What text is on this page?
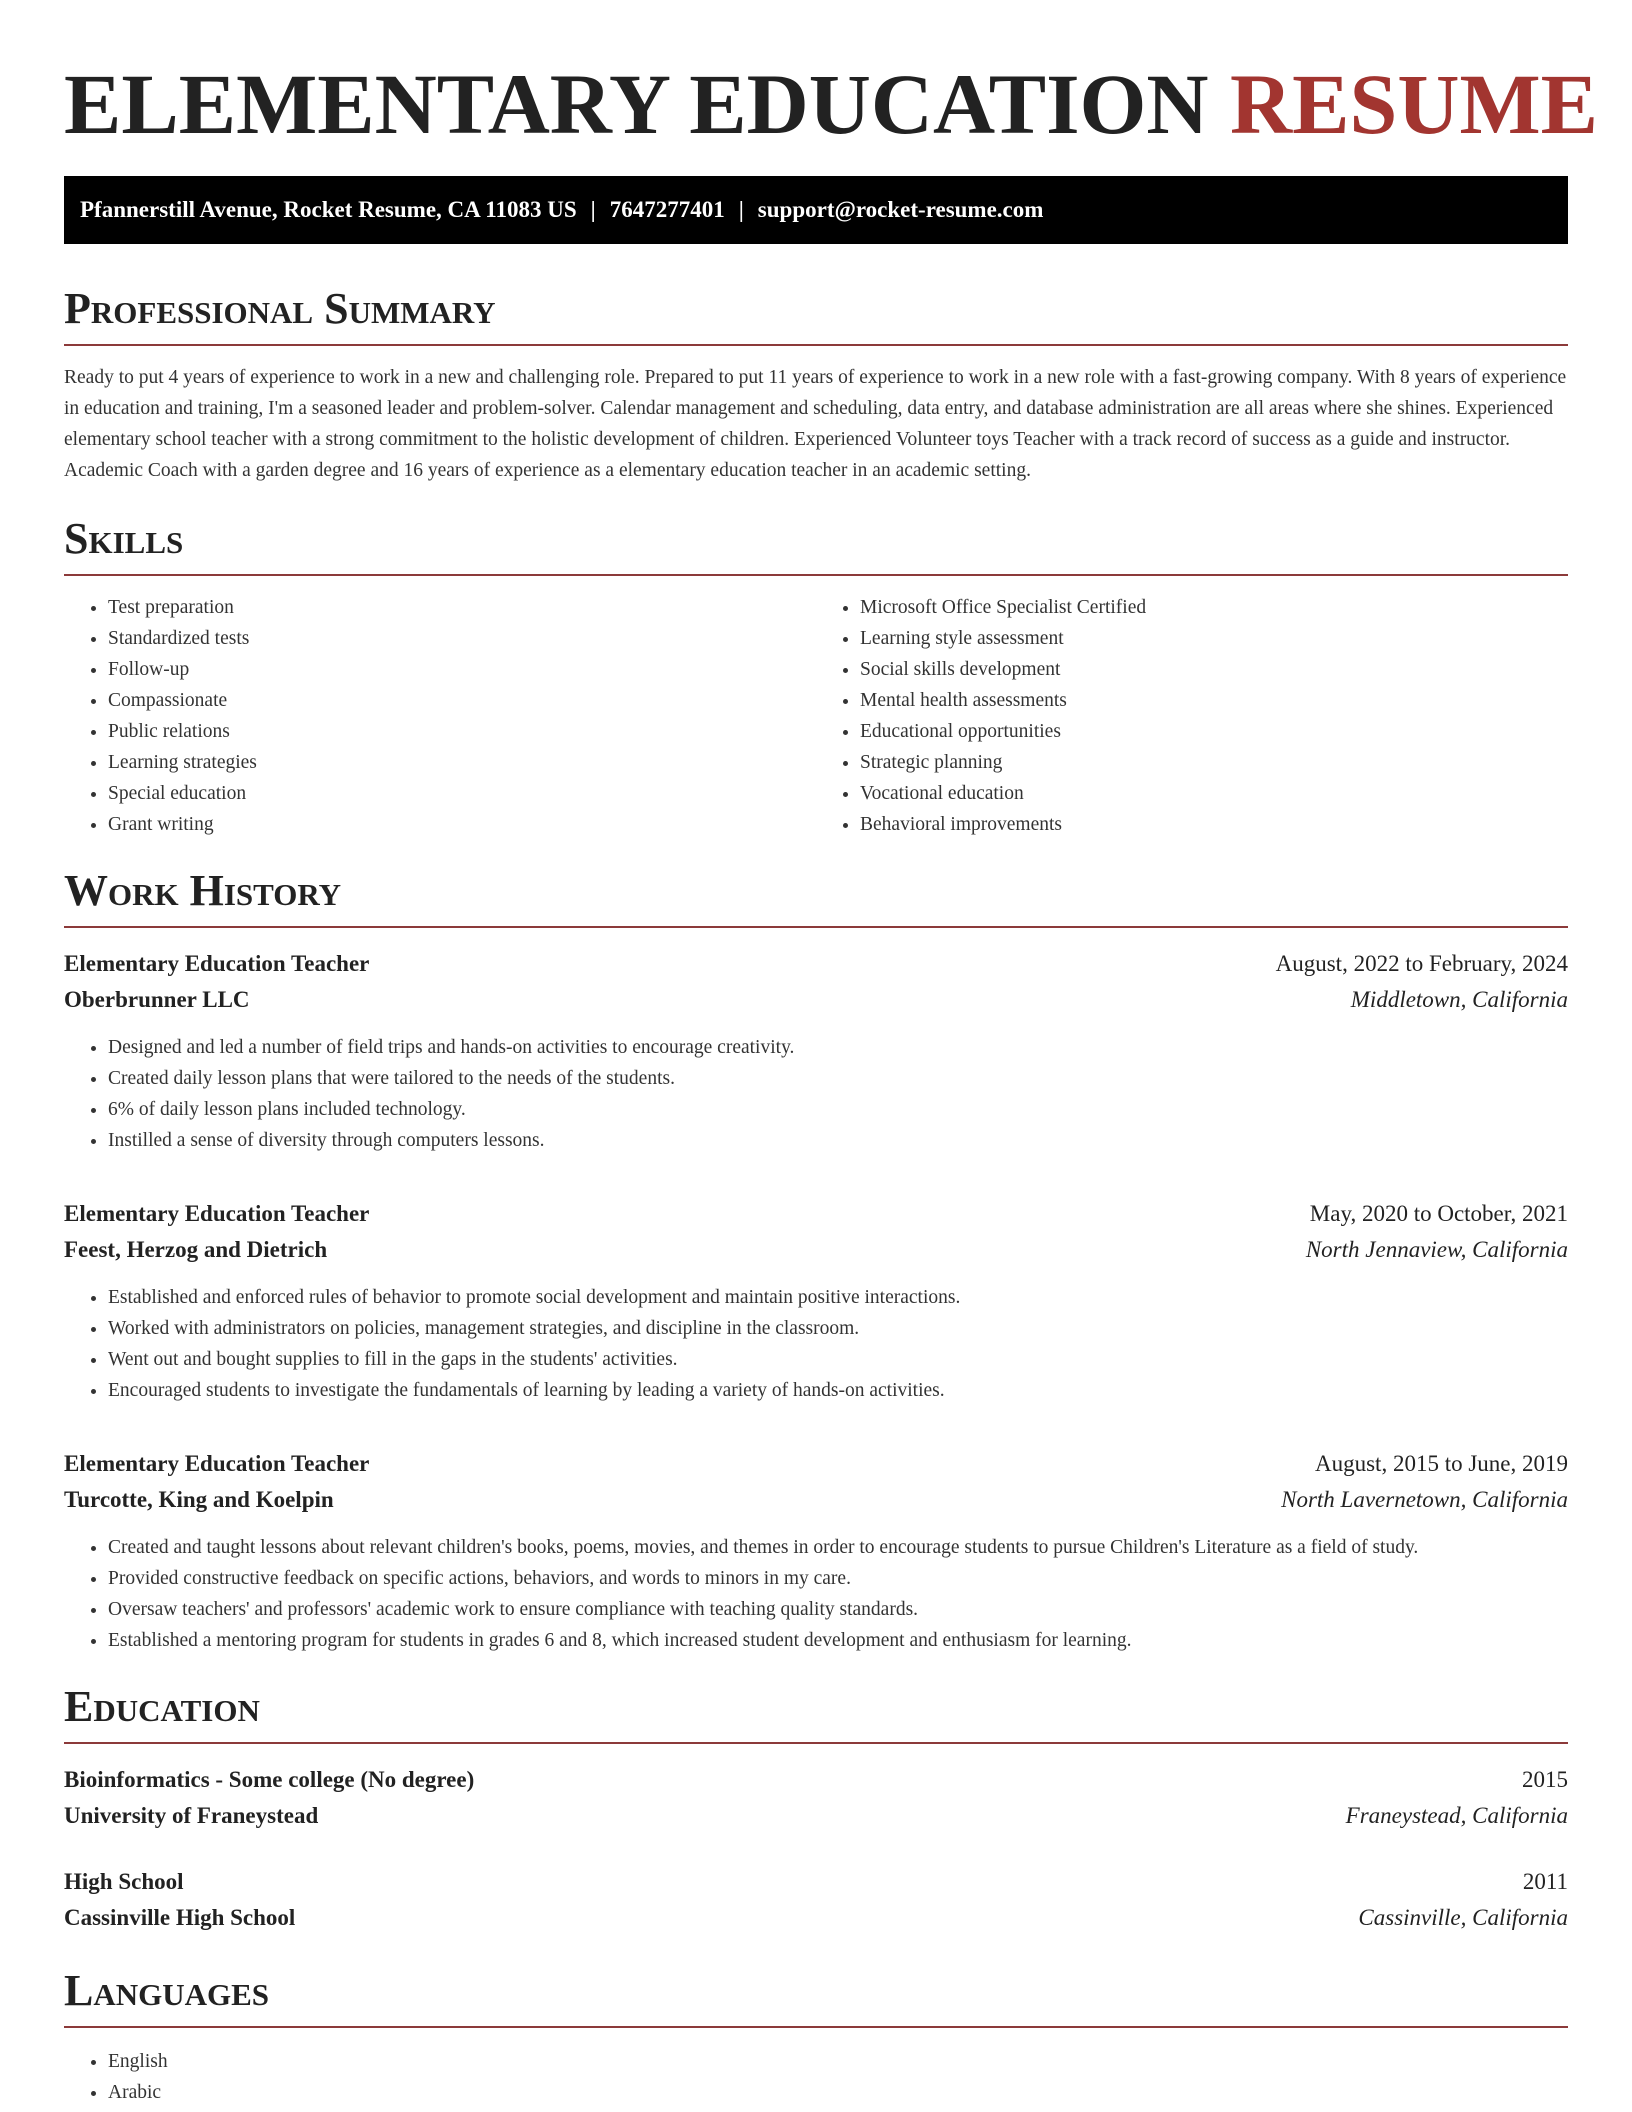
ELEMENTARY EDUCATION RESUME
Pfannerstill Avenue, Rocket Resume, CA 11083 US | 7647277401 | support@rocket-resume.com
Professional Summary

Ready to put 4 years of experience to work in a new and challenging role. Prepared to put 11 years of experience to work in a new role with a fast-growing company. With 8 years of experience in education and training, I'm a seasoned leader and problem-solver. Calendar management and scheduling, data entry, and database administration are all areas where she shines. Experienced elementary school teacher with a strong commitment to the holistic development of children. Experienced Volunteer toys Teacher with a track record of success as a guide and instructor. Academic Coach with a garden degree and 16 years of experience as a elementary education teacher in an academic setting.

Skills
• Test preparation
• Standardized tests
• Follow-up
• Compassionate
• Public relations
• Learning strategies
• Special education
• Grant writing
• Microsoft Office Specialist Certified
• Learning style assessment
• Social skills development
• Mental health assessments
• Educational opportunities
• Strategic planning
• Vocational education
• Behavioral improvements
Work History
Elementary Education Teacher	August, 2022 to February, 2024
Oberbrunner LLC	Middletown, California
• Designed and led a number of field trips and hands-on activities to encourage creativity.
• Created daily lesson plans that were tailored to the needs of the students.
• 6% of daily lesson plans included technology.
• Instilled a sense of diversity through computers lessons.
Elementary Education Teacher	May, 2020 to October, 2021
Feest, Herzog and Dietrich	North Jennaview, California
• Established and enforced rules of behavior to promote social development and maintain positive interactions.
• Worked with administrators on policies, management strategies, and discipline in the classroom.
• Went out and bought supplies to fill in the gaps in the students' activities.
• Encouraged students to investigate the fundamentals of learning by leading a variety of hands-on activities.
Elementary Education Teacher	August, 2015 to June, 2019
Turcotte, King and Koelpin	North Lavernetown, California
• Created and taught lessons about relevant children's books, poems, movies, and themes in order to encourage students to pursue Children's Literature as a field of study.
• Provided constructive feedback on specific actions, behaviors, and words to minors in my care.
• Oversaw teachers' and professors' academic work to ensure compliance with teaching quality standards.
• Established a mentoring program for students in grades 6 and 8, which increased student development and enthusiasm for learning.
Education
Bioinformatics - Some college (No degree)	2015
University of Franeystead	Franeystead, California
High School	2011
Cassinville High School	Cassinville, California
Languages
• English
• Arabic
